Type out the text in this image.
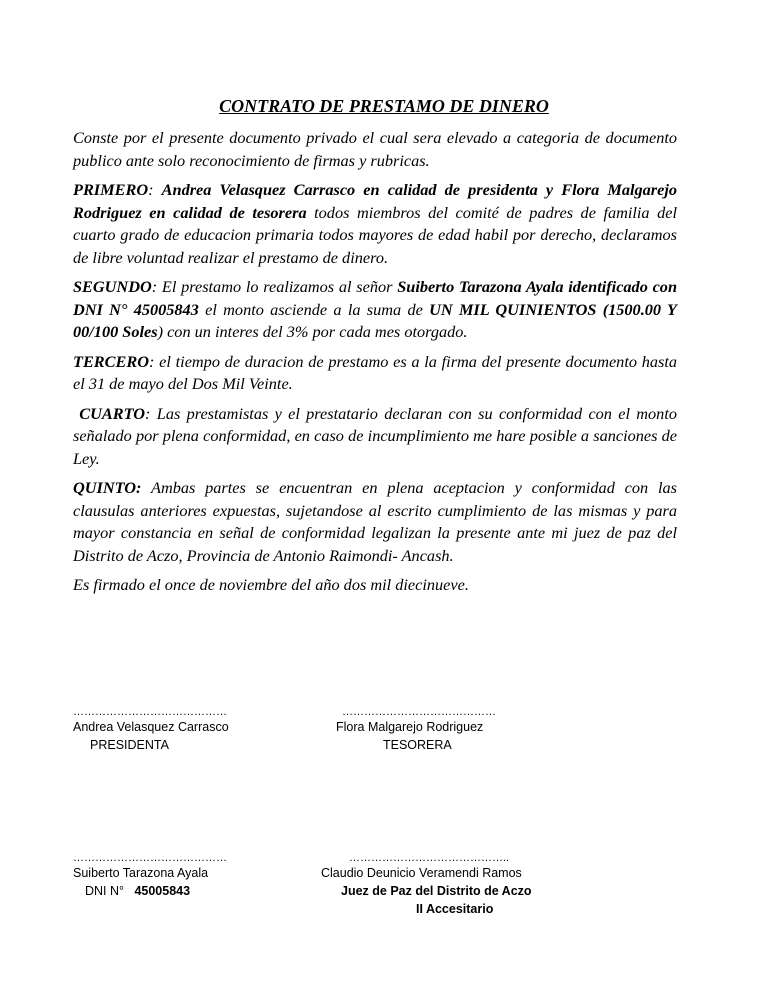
CONTRATO DE PRESTAMO DE DINERO

Conste por el presente documento privado el cual sera elevado a categoria de documento publico ante solo reconocimiento de firmas y rubricas.

PRIMERO: Andrea Velasquez Carrasco en calidad de presidenta y Flora Malgarejo Rodriguez en calidad de tesorera todos miembros del comité de padres de familia del cuarto grado de educacion primaria todos mayores de edad habil por derecho, declaramos de libre voluntad realizar el prestamo de dinero.

SEGUNDO: El prestamo lo realizamos al señor Suiberto Tarazona Ayala identificado con DNI N° 45005843 el monto asciende a la suma de UN MIL QUINIENTOS (1500.00 Y 00/100 Soles) con un interes del 3% por cada mes otorgado.

TERCERO: el tiempo de duracion de prestamo es a la firma del presente documento hasta el 31 de mayo del Dos Mil Veinte.

CUARTO: Las prestamistas y el prestatario declaran con su conformidad con el monto señalado por plena conformidad, en caso de incumplimiento me hare posible a sanciones de Ley.

QUINTO: Ambas partes se encuentran en plena aceptacion y conformidad con las clausulas anteriores expuestas, sujetandose al escrito cumplimiento de las mismas y para mayor constancia en señal de conformidad legalizan la presente ante mi juez de paz del Distrito de Aczo, Provincia de Antonio Raimondi- Ancash.

Es firmado el once de noviembre del año dos mil diecinueve.

……………………………………
Andrea Velasquez Carrasco
PRESIDENTA
……………………………………
Flora Malgarejo Rodriguez
TESORERA
……………………………………
Suiberto Tarazona Ayala
DNI N° 45005843
……………………………………..
Claudio Deunicio Veramendi Ramos
Juez de Paz del Distrito de Aczo
II Accesitario
